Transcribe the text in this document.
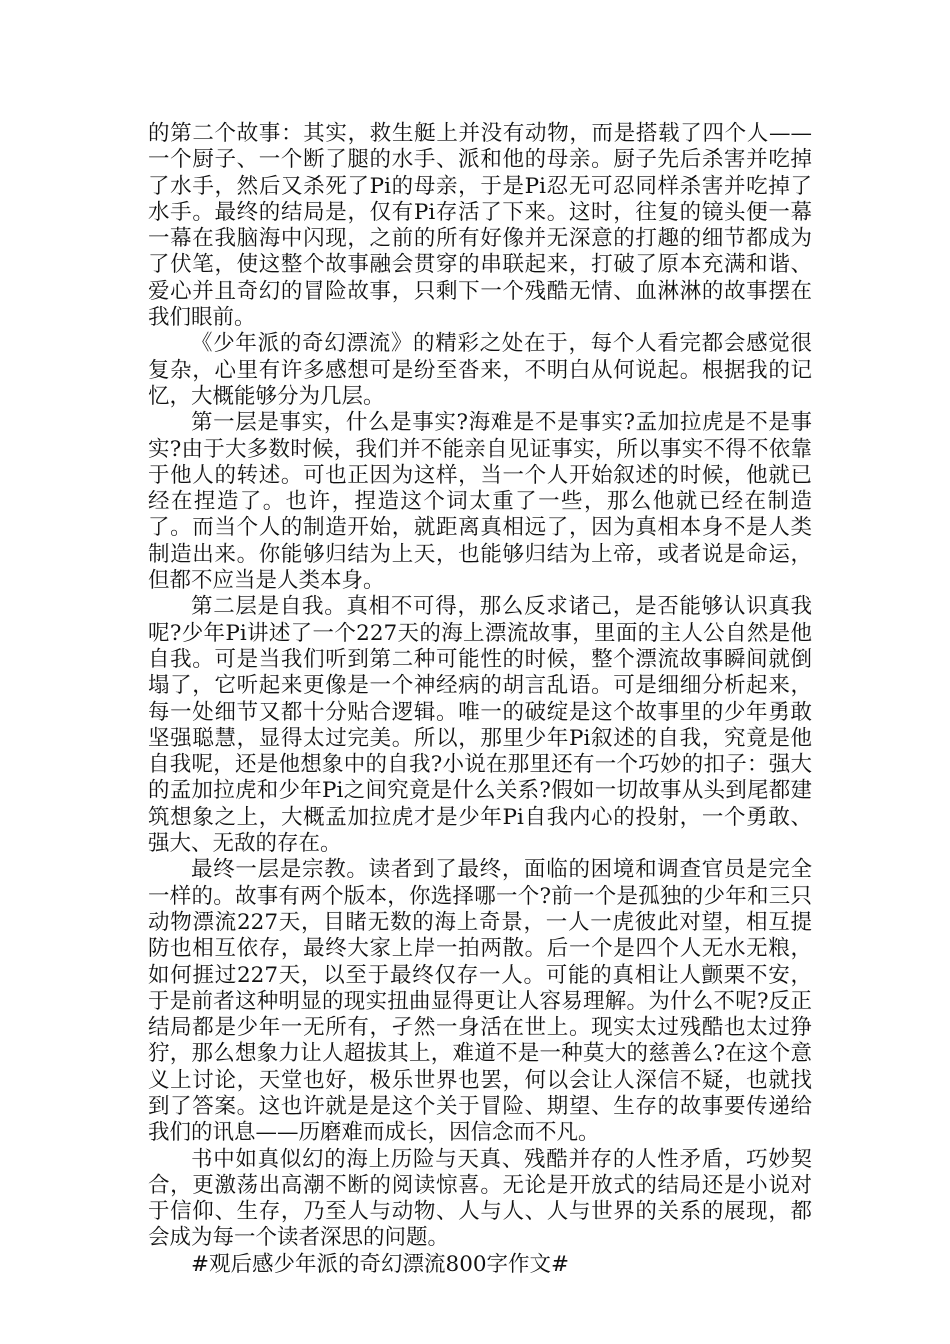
的第二个故事：其实，救生艇上并没有动物，而是搭载了四个人——一个厨子、一个断了腿的水手、派和他的母亲。厨子先后杀害并吃掉了水手，然后又杀死了Pi的母亲，于是Pi忍无可忍同样杀害并吃掉了水手。最终的结局是，仅有Pi存活了下来。这时，往复的镜头便一幕一幕在我脑海中闪现，之前的所有好像并无深意的打趣的细节都成为了伏笔，使这整个故事融会贯穿的串联起来，打破了原本充满和谐、爱心并且奇幻的冒险故事，只剩下一个残酷无情、血淋淋的故事摆在我们眼前。

《少年派的奇幻漂流》的精彩之处在于，每个人看完都会感觉很复杂，心里有许多感想可是纷至沓来，不明白从何说起。根据我的记忆，大概能够分为几层。

第一层是事实，什么是事实?海难是不是事实?孟加拉虎是不是事实?由于大多数时候，我们并不能亲自见证事实，所以事实不得不依靠于他人的转述。可也正因为这样，当一个人开始叙述的时候，他就已经在捏造了。也许，捏造这个词太重了一些，那么他就已经在制造了。而当个人的制造开始，就距离真相远了，因为真相本身不是人类制造出来。你能够归结为上天，也能够归结为上帝，或者说是命运，但都不应当是人类本身。

第二层是自我。真相不可得，那么反求诸己，是否能够认识真我呢?少年Pi讲述了一个227天的海上漂流故事，里面的主人公自然是他自我。可是当我们听到第二种可能性的时候，整个漂流故事瞬间就倒塌了，它听起来更像是一个神经病的胡言乱语。可是细细分析起来，每一处细节又都十分贴合逻辑。唯一的破绽是这个故事里的少年勇敢坚强聪慧，显得太过完美。所以，那里少年Pi叙述的自我，究竟是他自我呢，还是他想象中的自我?小说在那里还有一个巧妙的扣子：强大的孟加拉虎和少年Pi之间究竟是什么关系?假如一切故事从头到尾都建筑想象之上，大概孟加拉虎才是少年Pi自我内心的投射，一个勇敢、强大、无敌的存在。

最终一层是宗教。读者到了最终，面临的困境和调查官员是完全一样的。故事有两个版本，你选择哪一个?前一个是孤独的少年和三只动物漂流227天，目睹无数的海上奇景，一人一虎彼此对望，相互提防也相互依存，最终大家上岸一拍两散。后一个是四个人无水无粮，如何捱过227天，以至于最终仅存一人。可能的真相让人颤栗不安，于是前者这种明显的现实扭曲显得更让人容易理解。为什么不呢?反正结局都是少年一无所有，孑然一身活在世上。现实太过残酷也太过狰狞，那么想象力让人超拔其上，难道不是一种莫大的慈善么?在这个意义上讨论，天堂也好，极乐世界也罢，何以会让人深信不疑，也就找到了答案。这也许就是是这个关于冒险、期望、生存的故事要传递给我们的讯息——历磨难而成长，因信念而不凡。

书中如真似幻的海上历险与天真、残酷并存的人性矛盾，巧妙契合，更激荡出高潮不断的阅读惊喜。无论是开放式的结局还是小说对于信仰、生存，乃至人与动物、人与人、人与世界的关系的展现，都会成为每一个读者深思的问题。

#观后感少年派的奇幻漂流800字作文#
